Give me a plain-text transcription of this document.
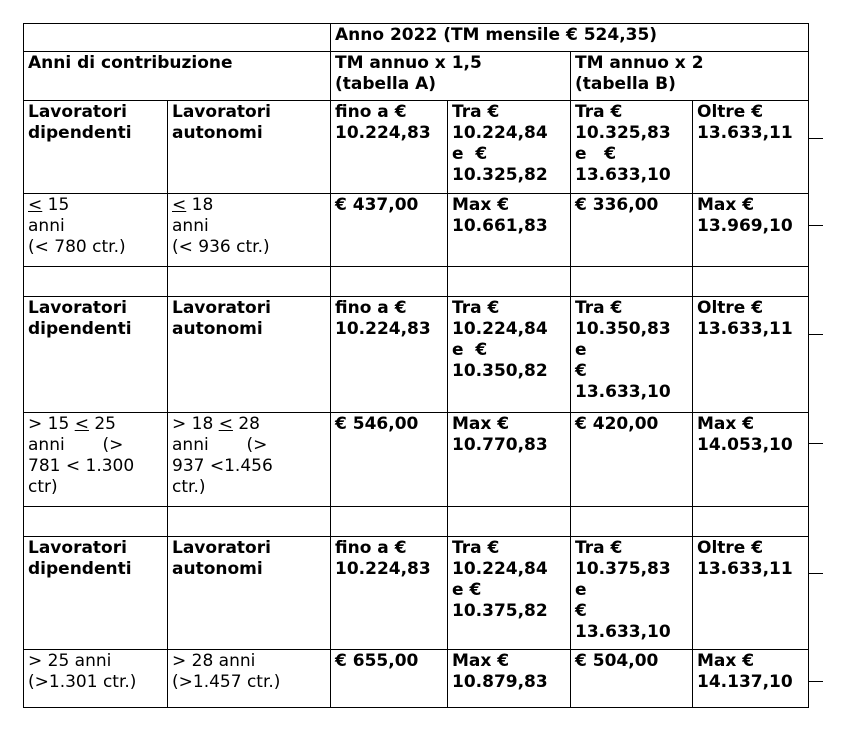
		Anno 2022 (TM mensile € 524,35)				
Anni di contribuzione		TM annuo x 1,5
(tabella A)		TM annuo x 2
(tabella B)		
Lavoratori
dipendenti	Lavoratori
autonomi	fino a €
10.224,83	Tra €
10.224,84
e  €
10.325,82	Tra €
10.325,83
e   €
13.633,10	Oltre €
13.633,11	

≤ 15
anni
(< 780 ctr.)	≤ 18
anni
(< 936 ctr.)	€ 437,00	Max €
10.661,83	€ 336,00	Max €
13.969,10	

Lavoratori
dipendenti	Lavoratori
autonomi	fino a €
10.224,83	Tra €
10.224,84
e  €
10.350,82	Tra €
10.350,83
e
€
13.633,10	Oltre €
13.633,11	

> 15 ≤ 25
anni       (>
781 < 1.300
ctr)	> 18 ≤ 28
anni       (>
937 <1.456
ctr.)	€ 546,00	Max €
10.770,83	€ 420,00	Max €
14.053,10	

Lavoratori
dipendenti	Lavoratori
autonomi	fino a €
10.224,83	Tra €
10.224,84
e €
10.375,82	Tra €
10.375,83
e
€
13.633,10	Oltre €
13.633,11	

> 25 anni
(>1.301 ctr.)	> 28 anni
(>1.457 ctr.)	€ 655,00	Max €
10.879,83	€ 504,00	Max €
14.137,10	
